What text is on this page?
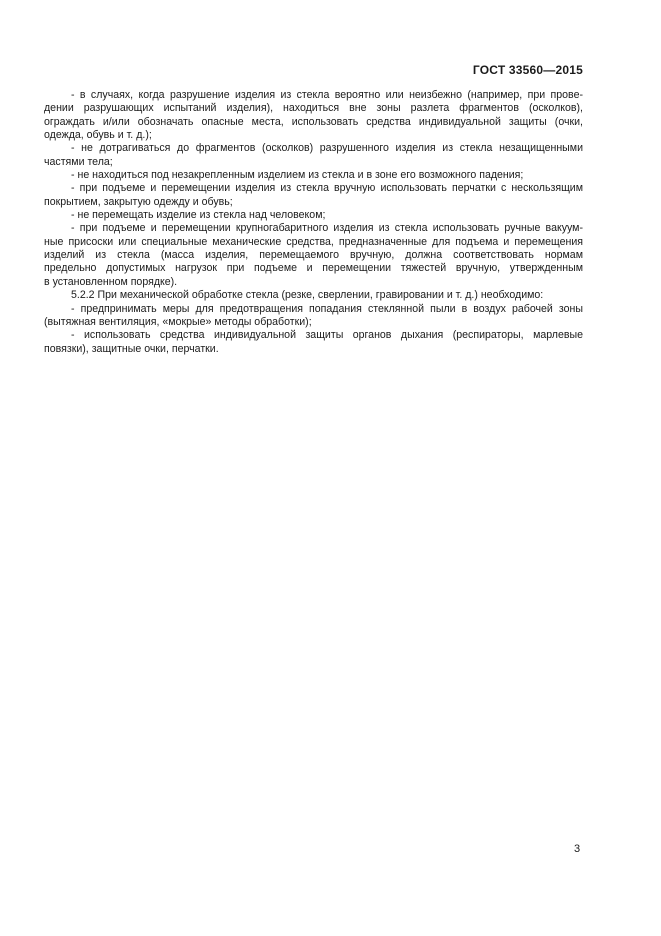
ГОСТ 33560—2015
- в случаях, когда разрушение изделия из стекла вероятно или неизбежно (например, при прове-
дении разрушающих испытаний изделия), находиться вне зоны разлета фрагментов (осколков),
ограждать и/или обозначать опасные места, использовать средства индивидуальной защиты (очки,
одежда, обувь и т. д.);
- не дотрагиваться до фрагментов (осколков) разрушенного изделия из стекла незащищенными
частями тела;
- не находиться под незакрепленным изделием из стекла и в зоне его возможного падения;
- при подъеме и перемещении изделия из стекла вручную использовать перчатки с нескользящим
покрытием, закрытую одежду и обувь;
- не перемещать изделие из стекла над человеком;
- при подъеме и перемещении крупногабаритного изделия из стекла использовать ручные вакуум-
ные присоски или специальные механические средства, предназначенные для подъема и перемещения
изделий из стекла (масса изделия, перемещаемого вручную, должна соответствовать нормам
предельно допустимых нагрузок при подъеме и перемещении тяжестей вручную, утвержденным
в установленном порядке).
5.2.2 При механической обработке стекла (резке, сверлении, гравировании и т. д.) необходимо:
- предпринимать меры для предотвращения попадания стеклянной пыли в воздух рабочей зоны
(вытяжная вентиляция, «мокрые» методы обработки);
- использовать средства индивидуальной защиты органов дыхания (респираторы, марлевые
повязки), защитные очки, перчатки.
3
